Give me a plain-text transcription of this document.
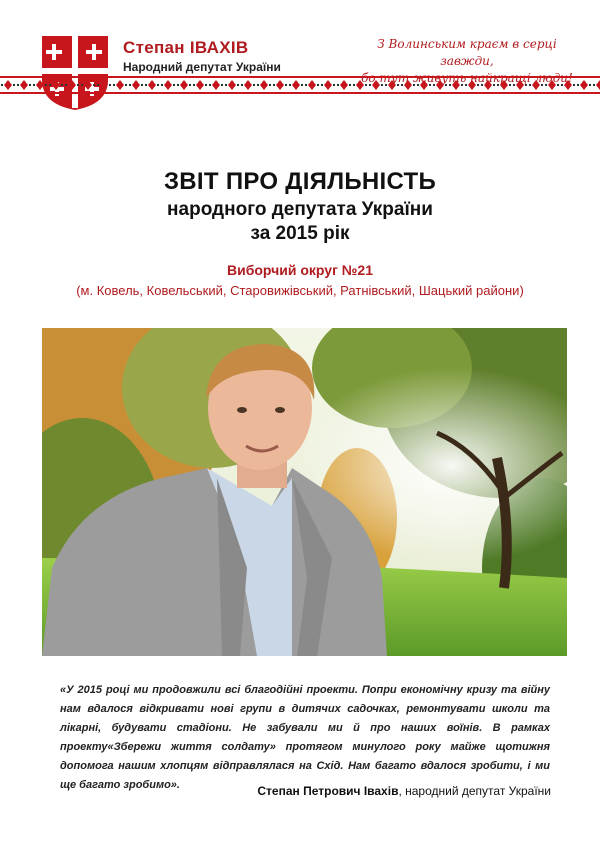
Степан ІВАХІВ
Народний депутат України
З Волинським краєм в серці завжди,
ЗВІТ ПРО ДІЯЛЬНІСТЬ
народного депутата України
за 2015 рік
Виборчий округ №21
(м. Ковель, Ковельський, Старовижівський, Ратнівський, Шацький райони)
«У 2015 році ми продовжили всі благодійні проекти. Попри економічну кризу та війну нам вдалося відкривати нові групи в дитячих садочках, ремонтувати школи та лікарні, будувати стадіони. Не забували ми й про наших воїнів. В рамках проекту«Збережи життя солдату» протягом минулого року майже щотижня допомога нашим хлопцям відправлялася на Схід. Нам багато вдалося зробити, і ми ще багато зробимо».	Степан Петрович Івахів, народний депутат України
